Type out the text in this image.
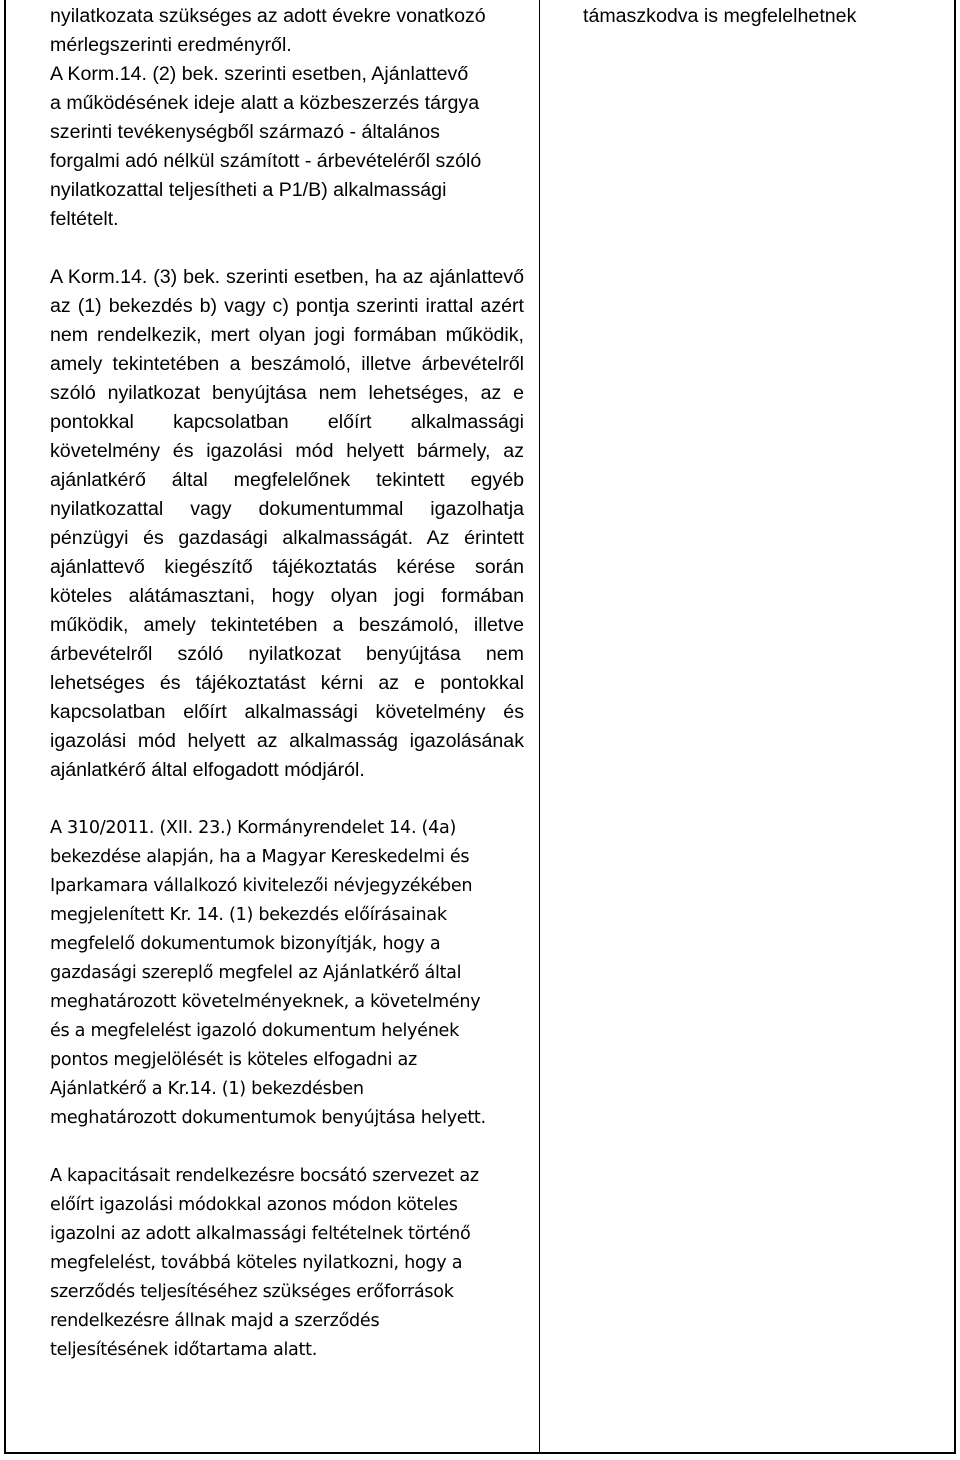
nyilatkozata szükséges az adott évekre vonatkozó

mérlegszerinti eredményről.

A Korm.14. (2) bek. szerinti esetben, Ajánlattevő

a működésének ideje alatt a közbeszerzés tárgya

szerinti tevékenységből származó - általános

forgalmi adó nélkül számított - árbevételéről szóló

nyilatkozattal teljesítheti a P1/B) alkalmassági

feltételt.

A Korm.14. (3) bek. szerinti esetben, ha az ajánlattevő az (1) bekezdés b) vagy c) pontja szerinti irattal azért nem rendelkezik, mert olyan jogi formában működik, amely tekintetében a beszámoló, illetve árbevételről szóló nyilatkozat benyújtása nem lehetséges, az e pontokkal kapcsolatban előírt alkalmassági követelmény és igazolási mód helyett bármely, az ajánlatkérő által megfelelőnek tekintett egyéb nyilatkozattal vagy dokumentummal igazolhatja pénzügyi és gazdasági alkalmasságát. Az érintett ajánlattevő kiegészítő tájékoztatás kérése során köteles alátámasztani, hogy olyan jogi formában működik, amely tekintetében a beszámoló, illetve árbevételről szóló nyilatkozat benyújtása nem lehetséges és tájékoztatást kérni az e pontokkal kapcsolatban előírt alkalmassági követelmény és igazolási mód helyett az alkalmasság igazolásának ajánlatkérő által elfogadott módjáról.

A 310/2011. (XII. 23.) Kormányrendelet 14. (4a)

bekezdése alapján, ha a Magyar Kereskedelmi és

Iparkamara vállalkozó kivitelezői névjegyzékében

megjelenített Kr. 14. (1) bekezdés előírásainak

megfelelő dokumentumok bizonyítják, hogy a

gazdasági szereplő megfelel az Ajánlatkérő által

meghatározott követelményeknek, a követelmény

és a megfelelést igazoló dokumentum helyének

pontos megjelölését is köteles elfogadni az

Ajánlatkérő a Kr.14. (1) bekezdésben

meghatározott dokumentumok benyújtása helyett.

A kapacitásait rendelkezésre bocsátó szervezet az

előírt igazolási módokkal azonos módon köteles

igazolni az adott alkalmassági feltételnek történő

megfelelést, továbbá köteles nyilatkozni, hogy a

szerződés teljesítéséhez szükséges erőforrások

rendelkezésre állnak majd a szerződés

teljesítésének időtartama alatt.

támaszkodva is megfelelhetnek
